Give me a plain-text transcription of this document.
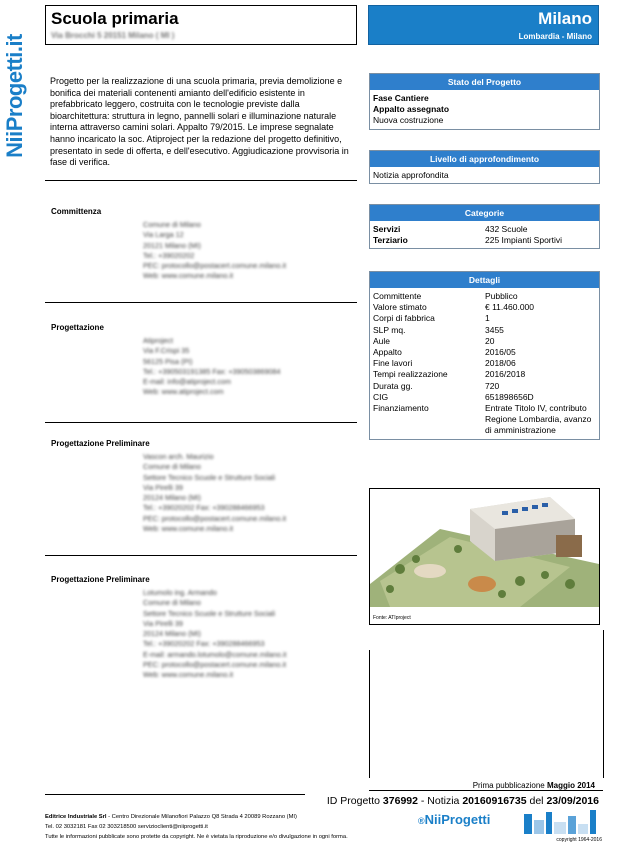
NiiProgetti.it
Scuola primaria
Via Brocchi 5 20151 Milano ( MI )
Milano
Lombardia - Milano
Progetto per la realizzazione di una scuola primaria, previa demolizione e bonifica dei materiali contenenti amianto dell'edificio esistente in prefabbricato leggero, costruita con le tecnologie previste dalla bioarchitettura: struttura in legno, pannelli solari e illuminazione naturale interna attraverso camini solari. Appalto 79/2015. Le imprese segnalate hanno incaricato la soc. Atiproject per la redazione del progetto definitivo, presentato in sede di offerta, e dell'esecutivo. Aggiudicazione provvisoria in fase di verifica.
Committenza
Comune di Milano
Via Larga 12
20121 Milano (MI)
Tel.: +39020202
PEC: protocollo@postacert.comune.milano.it
Web: www.comune.milano.it
Progettazione
Atiproject
Via F.Crispi 35
56125 Pisa (PI)
Tel.: +390503191385 Fax: +390503869084
E-mail: info@atiproject.com
Web: www.atiproject.com
Progettazione Preliminare
Vascon arch. Maurizio
Comune di Milano
Settore Tecnico Scuole e Strutture Sociali
Via Pirelli 39
20124 Milano (MI)
Tel.: +39020202 Fax: +390288466953
PEC: protocollo@postacert.comune.milano.it
Web: www.comune.milano.it
Progettazione Preliminare
Lotumolo ing. Armando
Comune di Milano
Settore Tecnico Scuole e Strutture Sociali
Via Pirelli 39
20124 Milano (MI)
Tel.: +39020202 Fax: +390288466953
E-mail: armando.lotumolo@comune.milano.it
PEC: protocollo@postacert.comune.milano.it
Web: www.comune.milano.it
Stato del Progetto
Fase Cantiere
Appalto assegnato
Nuova costruzione
Livello di approfondimento
Notizia approfondita
Categorie
Servizi	432 Scuole
Terziario	225 Impianti Sportivi
Dettagli
Committente	Pubblico
Valore stimato	€ 11.460.000
Corpi di fabbrica	1
SLP mq.	3455
Aule	20
Appalto	2016/05
Fine lavori	2018/06
Tempi realizzazione	2016/2018
Durata gg.	720
CIG	651898656D
Finanziamento	Entrate Titolo IV, contributo Regione Lombardia, avanzo di amministrazione
Fonte: ATIproject
Prima pubblicazione Maggio 2014
ID Progetto 376992 - Notizia 20160916735 del 23/09/2016
Editrice Industriale Srl - Centro Direzionale Milanofiori Palazzo Q8 Strada 4 20089 Rozzano (MI)
Tel. 02 3032181 Fax 02 303218500 servizioclienti@niiprogetti.it
Tutte le informazioni pubblicate sono protette da copyright. Ne è vietata la riproduzione e/o divulgazione in ogni forma.
®NiiProgetti
copyright 1964-2016
